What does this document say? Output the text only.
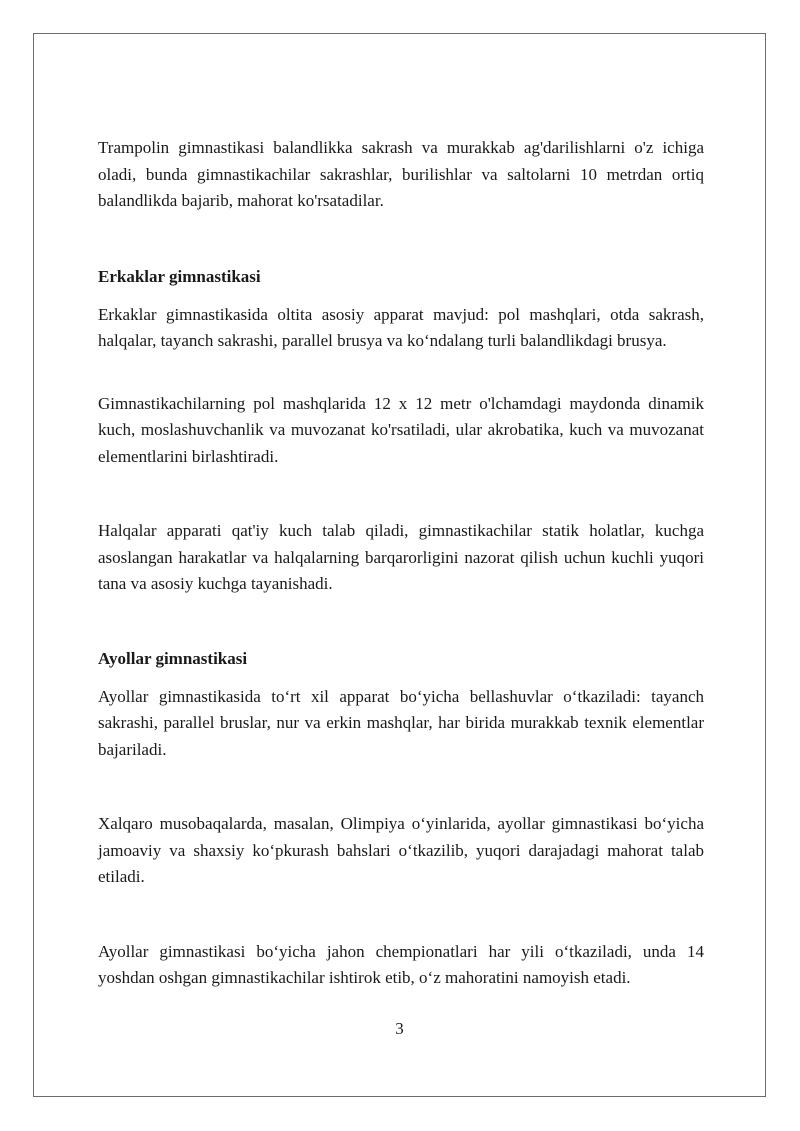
Trampolin gimnastikasi balandlikka sakrash va murakkab ag'darilishlarni o'z ichiga oladi, bunda gimnastikachilar sakrashlar, burilishlar va saltolarni 10 metrdan ortiq balandlikda bajarib, mahorat ko'rsatadilar.

Erkaklar gimnastikasi

Erkaklar gimnastikasida oltita asosiy apparat mavjud: pol mashqlari, otda sakrash, halqalar, tayanch sakrashi, parallel brusya va koʻndalang turli balandlikdagi brusya.

Gimnastikachilarning pol mashqlarida 12 x 12 metr o'lchamdagi maydonda dinamik kuch, moslashuvchanlik va muvozanat ko'rsatiladi, ular akrobatika, kuch va muvozanat elementlarini birlashtiradi.

Halqalar apparati qat'iy kuch talab qiladi, gimnastikachilar statik holatlar, kuchga asoslangan harakatlar va halqalarning barqarorligini nazorat qilish uchun kuchli yuqori tana va asosiy kuchga tayanishadi.

Ayollar gimnastikasi

Ayollar gimnastikasida toʻrt xil apparat boʻyicha bellashuvlar oʻtkaziladi: tayanch sakrashi, parallel bruslar, nur va erkin mashqlar, har birida murakkab texnik elementlar bajariladi.

Xalqaro musobaqalarda, masalan, Olimpiya oʻyinlarida, ayollar gimnastikasi boʻyicha jamoaviy va shaxsiy koʻpkurash bahslari oʻtkazilib, yuqori darajadagi mahorat talab etiladi.

Ayollar gimnastikasi boʻyicha jahon chempionatlari har yili oʻtkaziladi, unda 14 yoshdan oshgan gimnastikachilar ishtirok etib, oʻz mahoratini namoyish etadi.

3
